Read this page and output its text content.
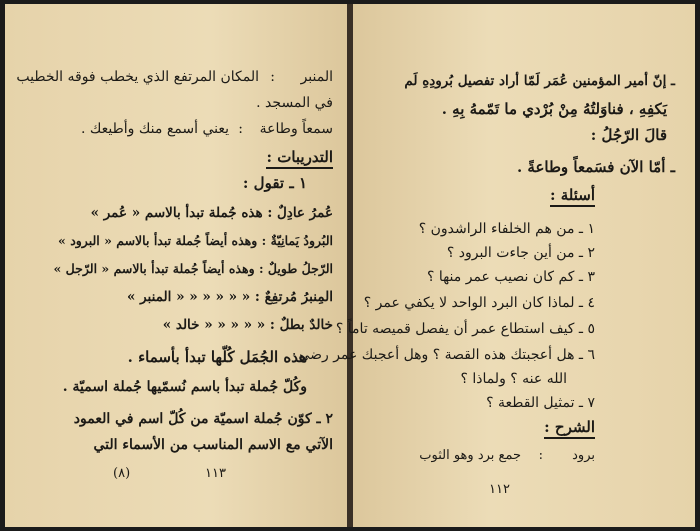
المنبر
:
المكان المرتفع الذي يخطب فوقه الخطيب
في المسجد .
سمعاً وطاعة
:
يعني أسمع منك وأطيعك .
التدريبات :
١ ـ تقول :
عُمرُ عادِلٌ : هذه جُملة تبدأ بالاسم « عُمر »
البُرودُ يَمانِيّةٌ : وهذه أيضاً جُملة تبدأ بالاسم « البرود »
الرّجلُ طويلٌ : وهذه أيضاً جُملة تبدأ بالاسم « الرّجل »
المِنبرُ مُرتفِعٌ : « « « « « « المنبر »
خالدٌ بطلٌ : « « « « « خالد »
هذه الجُمَل كُلّها تبدأ بأسماء .
وكُلّ جُملة تبدأ باسم نُسمّيها جُملة اسميّة .
٢ ـ كوّن جُملة اسميّة من كُلّ اسم في العمود
الآتي مع الاسم المناسب من الأسماء التي
١١٣
(٨)
ـ إنّ أمير المؤمنين عُمَر لَمّا أراد تفصيل بُرودِهِ لَم
يَكفِهِ ، فناوَلتُهُ مِنْ بُرْدي ما تَمّمهُ بِهِ .
قالَ الرّجُلُ :
ـ أمّا الآن فسَمعاً وطاعةً .
أسئلة :
١ ـ من هم الخلفاء الراشدون ؟
٢ ـ من أين جاءت البرود ؟
٣ ـ كم كان نصيب عمر منها ؟
٤ ـ لماذا كان البرد الواحد لا يكفي عمر ؟
٥ ـ كيف استطاع عمر أن يفصل قميصه تاماً ؟
٦ ـ هل أعجبتك هذه القصة ؟ وهل أعجبك عمر رضي
الله عنه ؟ ولماذا ؟
٧ ـ تمثيل القطعة ؟
الشرح :
برود
:
جمع برد وهو الثوب
١١٢
